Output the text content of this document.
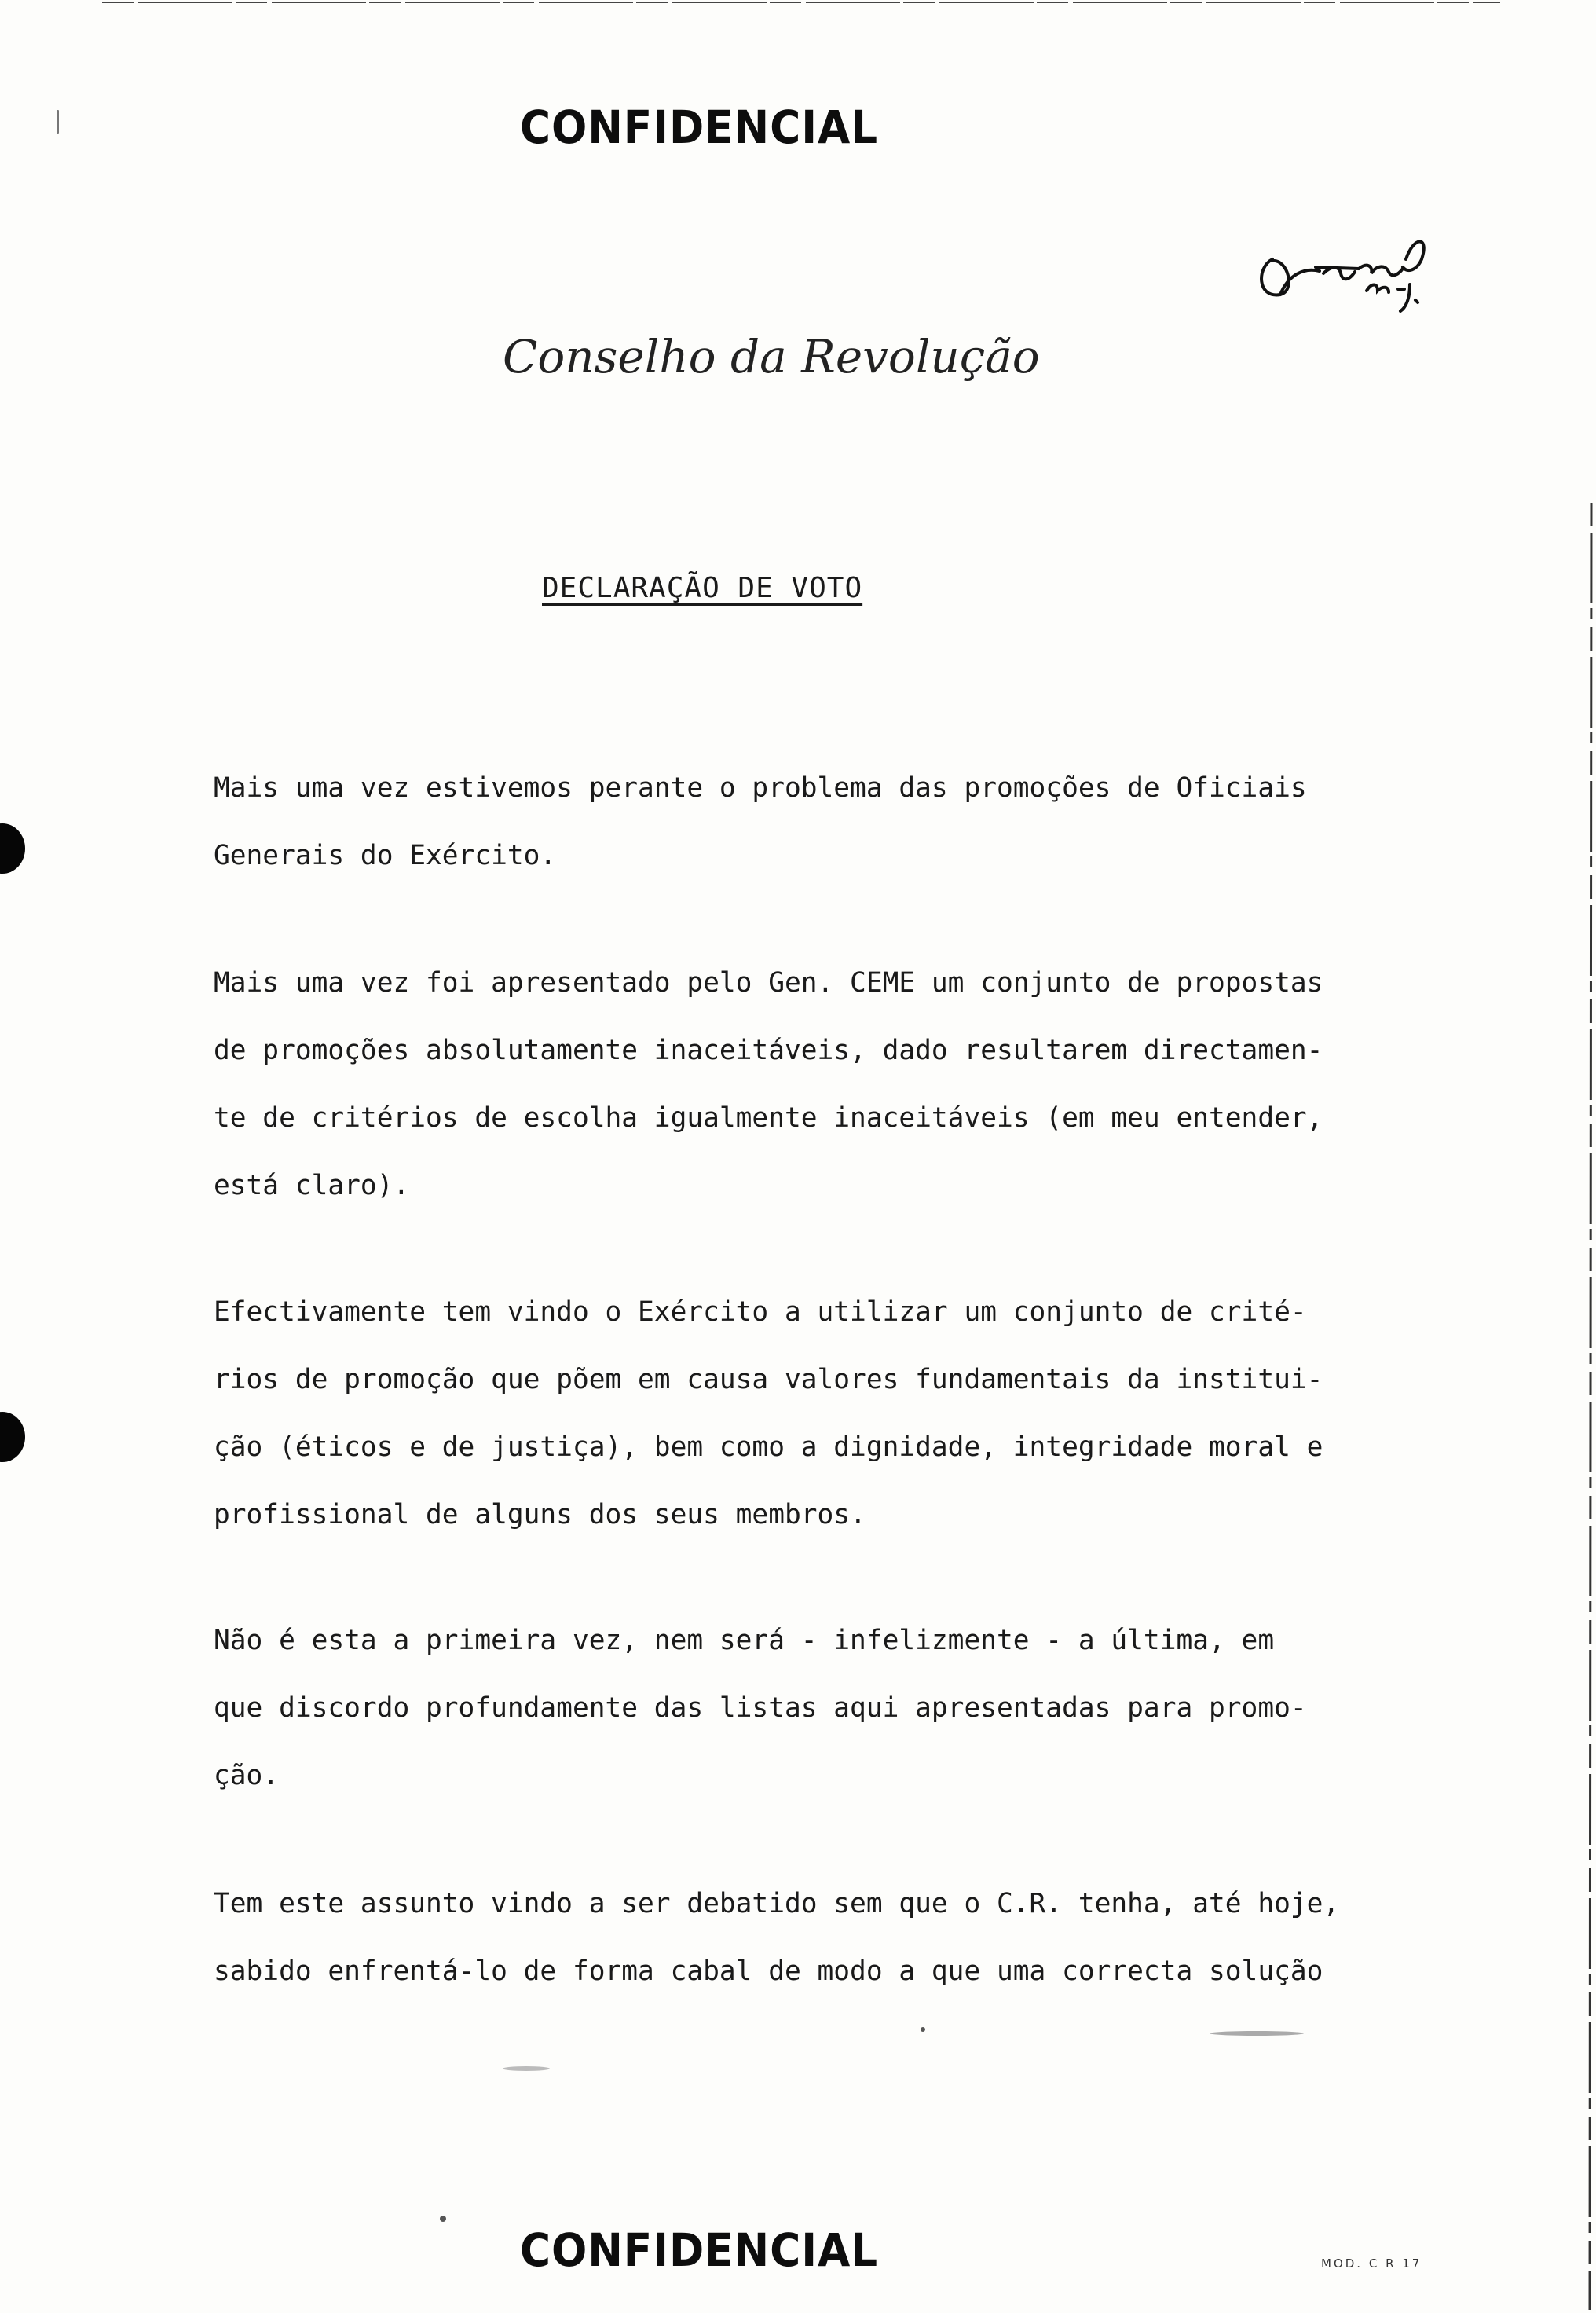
CONFIDENCIAL
Conselho da Revolução
DECLARAÇÃO DE VOTO
Mais uma vez estivemos perante o problema das promoções de Oficiais
Generais do Exército.
Mais uma vez foi apresentado pelo Gen. CEME um conjunto de propostas
de promoções absolutamente inaceitáveis, dado resultarem directamen-
te de critérios de escolha igualmente inaceitáveis (em meu entender,
está claro).
Efectivamente tem vindo o Exército a utilizar um conjunto de crité-
rios de promoção que põem em causa valores fundamentais da institui-
ção (éticos e de justiça), bem como a dignidade, integridade moral e
profissional de alguns dos seus membros.
Não é esta a primeira vez, nem será - infelizmente - a última, em
que discordo profundamente das listas aqui apresentadas para promo-
ção.
Tem este assunto vindo a ser debatido sem que o C.R. tenha, até hoje,
sabido enfrentá-lo de forma cabal de modo a que uma correcta solução
CONFIDENCIAL	MOD. C R 17
